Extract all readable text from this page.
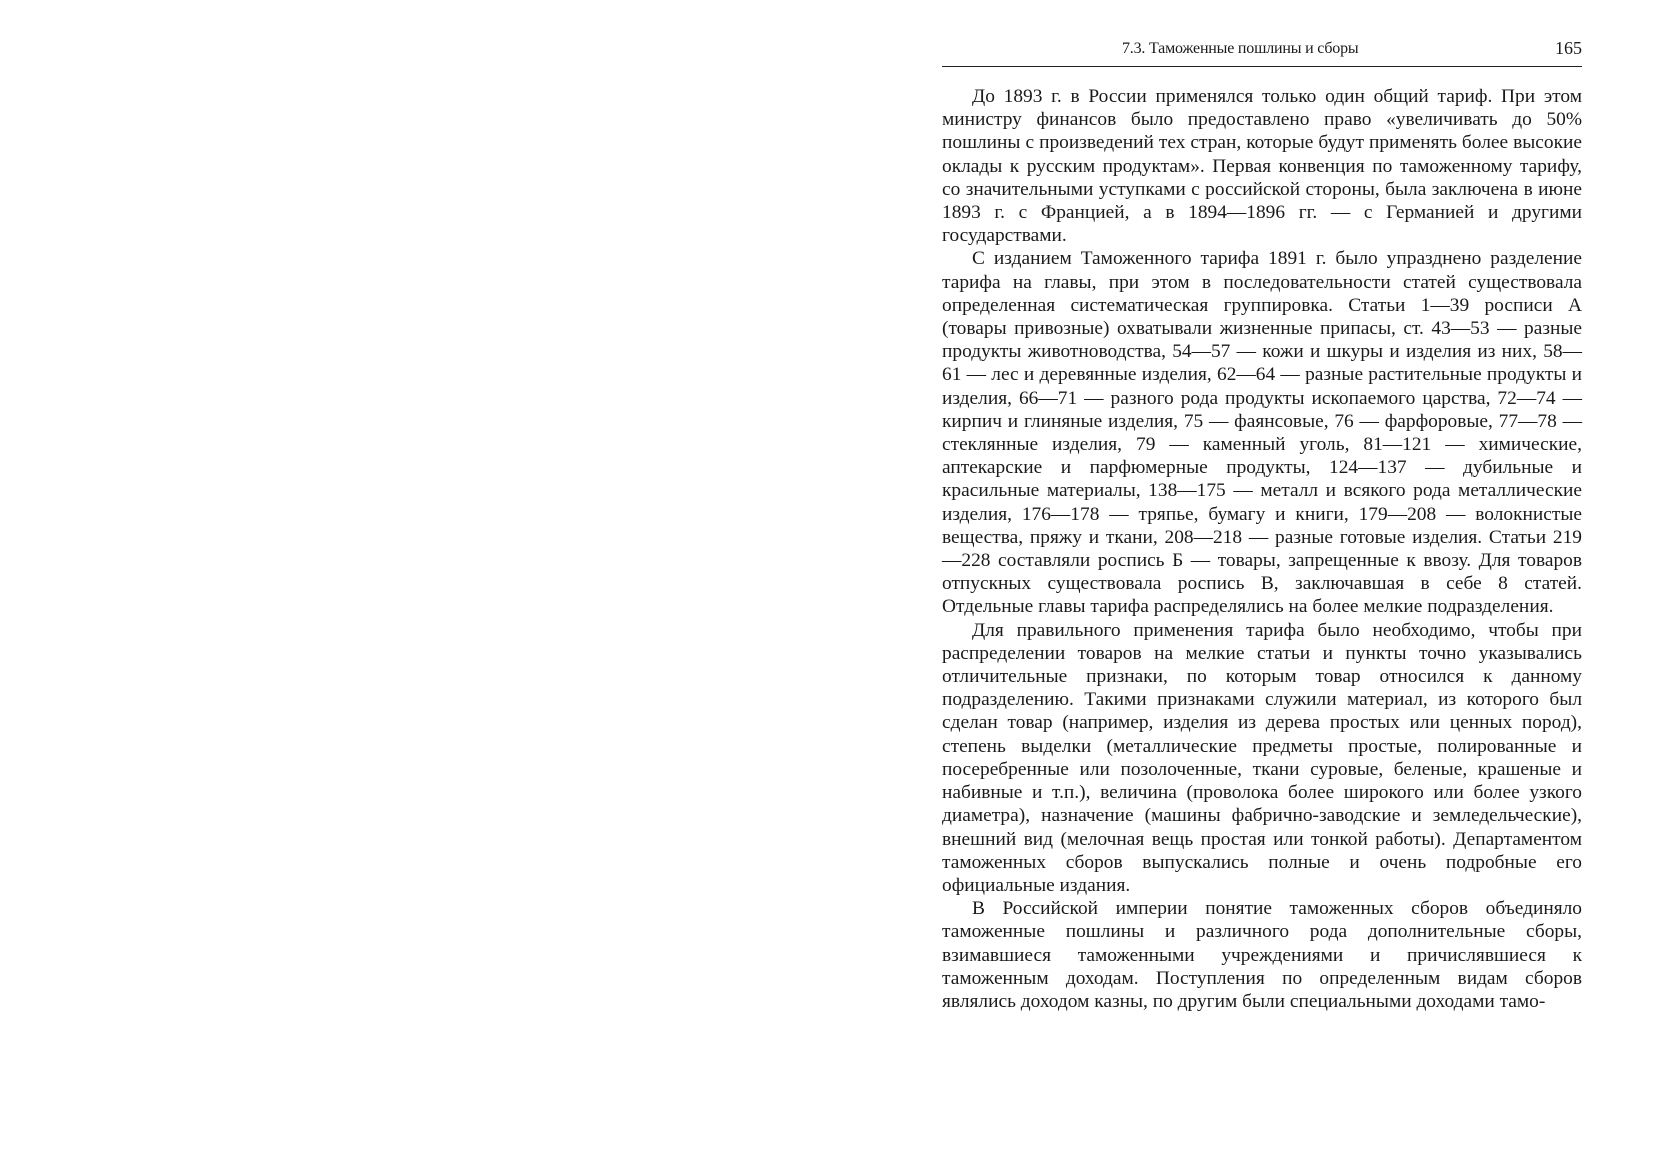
7.3. Таможенные пошлины и сборы	165

До 1893 г. в России применялся только один общий тариф. При этом министру финансов было предоставлено право «увеличивать до 50% пошлины с произведений тех стран, которые будут применять более высокие оклады к русским продуктам». Первая конвенция по таможенному тарифу, со значительными уступками с российской стороны, была заключена в июне 1893 г. с Францией, а в 1894—1896 гг. — с Германией и другими государствами.

С изданием Таможенного тарифа 1891 г. было упразднено разделение тарифа на главы, при этом в последовательности статей существовала определенная систематическая группировка. Статьи 1—39 росписи А (товары привозные) охватывали жизненные припасы, ст. 43—53 — разные продукты животноводства, 54—57 — кожи и шкуры и изделия из них, 58—61 — лес и деревянные изделия, 62—64 — разные растительные продукты и изделия, 66—71 — разного рода продукты ископаемого царства, 72—74 — кирпич и глиняные изделия, 75 — фаянсовые, 76 — фарфоровые, 77—78 — стеклянные изделия, 79 — каменный уголь, 81—121 — химические, аптекарские и парфюмерные продукты, 124—137 — дубильные и красильные материалы, 138—175 — металл и всякого рода металлические изделия, 176—178 — тряпье, бумагу и книги, 179—208 — волокнистые вещества, пряжу и ткани, 208—218 — разные готовые изделия. Статьи 219—228 составляли роспись Б — товары, запрещенные к ввозу. Для товаров отпускных существовала роспись В, заключавшая в себе 8 статей. Отдельные главы тарифа распределялись на более мелкие подразделения.

Для правильного применения тарифа было необходимо, чтобы при распределении товаров на мелкие статьи и пункты точно указывались отличительные признаки, по которым товар относился к данному подразделению. Такими признаками служили материал, из которого был сделан товар (например, изделия из дерева простых или ценных пород), степень выделки (металлические предметы простые, полированные и посеребренные или позолоченные, ткани суровые, беленые, крашеные и набивные и т.п.), величина (проволока более широкого или более узкого диаметра), назначение (машины фабрично-заводские и земледельческие), внешний вид (мелочная вещь простая или тонкой работы). Департаментом таможенных сборов выпускались полные и очень подробные его официальные издания.

В Российской империи понятие таможенных сборов объединяло таможенные пошлины и различного рода дополнительные сборы, взимавшиеся таможенными учреждениями и причислявшиеся к таможенным доходам. Поступления по определенным видам сборов являлись доходом казны, по другим были специальными доходами тамо-
